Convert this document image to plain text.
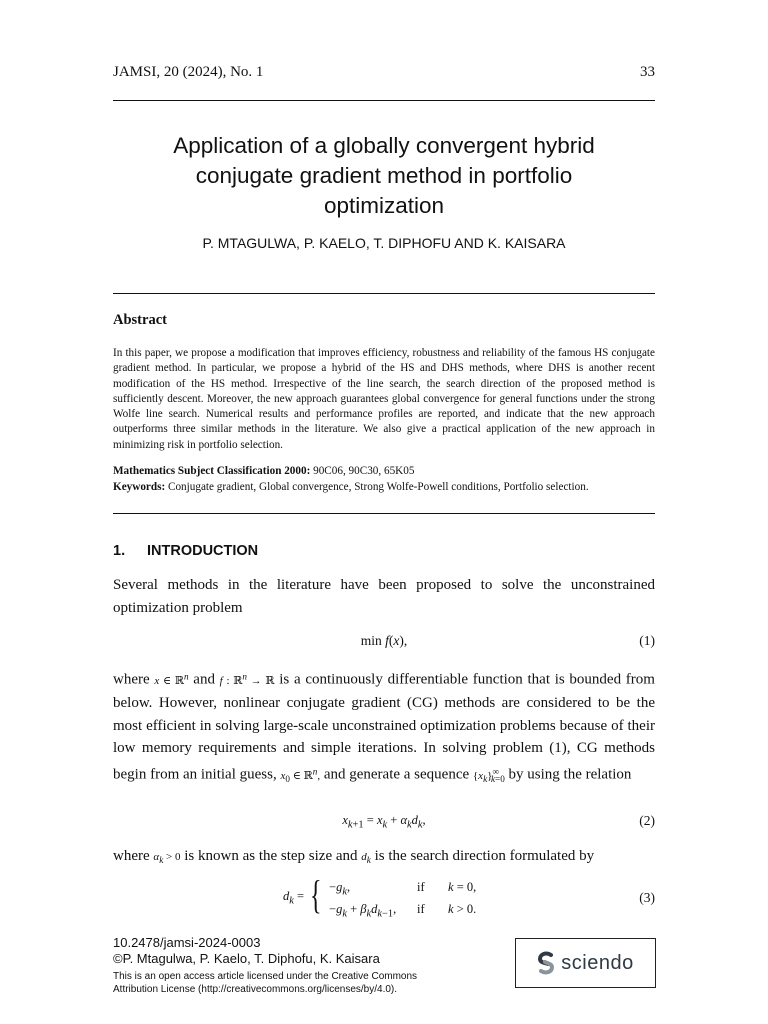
JAMSI, 20 (2024), No. 1	33
Application of a globally convergent hybrid
conjugate gradient method in portfolio
optimization
P. MTAGULWA, P. KAELO, T. DIPHOFU AND K. KAISARA
Abstract
In this paper, we propose a modification that improves efficiency, robustness and reliability of the famous HS conjugate gradient method. In particular, we propose a hybrid of the HS and DHS methods, where DHS is another recent modification of the HS method. Irrespective of the line search, the search direction of the proposed method is sufficiently descent. Moreover, the new approach guarantees global convergence for general functions under the strong Wolfe line search. Numerical results and performance profiles are reported, and indicate that the new approach outperforms three similar methods in the literature. We also give a practical application of the new approach in minimizing risk in portfolio selection.
Mathematics Subject Classification 2000: 90C06, 90C30, 65K05
Keywords: Conjugate gradient, Global convergence, Strong Wolfe-Powell conditions, Portfolio selection.
1. INTRODUCTION
Several methods in the literature have been proposed to solve the unconstrained optimization problem
min f(x),	(1)
where x ∈ ℝ$^n$ and f : ℝ$^n$ → ℝ is a continuously differentiable function that is bounded from below. However, nonlinear conjugate gradient (CG) methods are considered to be the most efficient in solving large-scale unconstrained optimization problems because of their low memory requirements and simple iterations. In solving problem (1), CG methods begin from an initial guess, $x_0$ ∈ ℝ$^n$, and generate a sequence $\{x_k\}^\infty_{k=0}$ by using the relation
$x_{k+1} = x_k + \alpha_kd_k$,	(2)
where $\alpha_k > 0$ is known as the step size and $d_k$ is the search direction formulated by
$d_k$ = { $-g_k$,
$-g_k + \beta_kd_{k-1}$,
if
if
k = 0,
k > 0.
(3)
10.2478/jamsi-2024-0003
©P. Mtagulwa, P. Kaelo, T. Diphofu, K. Kaisara
This is an open access article licensed under the Creative Commons
Attribution License (http://creativecommons.org/licenses/by/4.0).
sciendo
